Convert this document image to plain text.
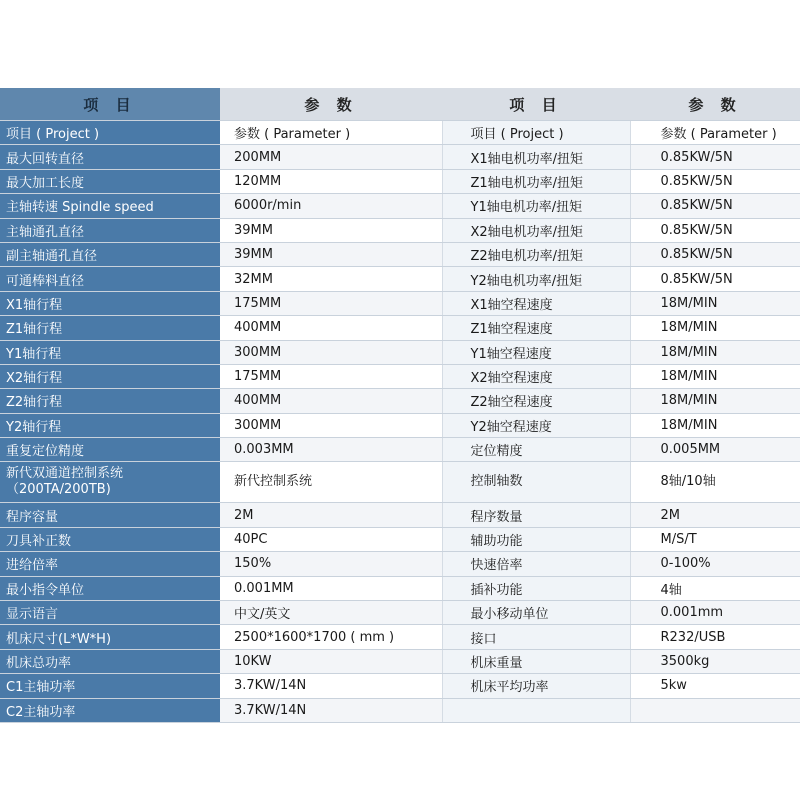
项 目	参 数	项 目	参 数
项目 ( Project )	参数 ( Parameter )	项目 ( Project )	参数 ( Parameter )
最大回转直径	200MM	X1轴电机功率/扭矩	0.85KW/5N
最大加工长度	120MM	Z1轴电机功率/扭矩	0.85KW/5N
主轴转速 Spindle speed	6000r/min	Y1轴电机功率/扭矩	0.85KW/5N
主轴通孔直径	39MM	X2轴电机功率/扭矩	0.85KW/5N
副主轴通孔直径	39MM	Z2轴电机功率/扭矩	0.85KW/5N
可通棒料直径	32MM	Y2轴电机功率/扭矩	0.85KW/5N
X1轴行程	175MM	X1轴空程速度	18M/MIN
Z1轴行程	400MM	Z1轴空程速度	18M/MIN
Y1轴行程	300MM	Y1轴空程速度	18M/MIN
X2轴行程	175MM	X2轴空程速度	18M/MIN
Z2轴行程	400MM	Z2轴空程速度	18M/MIN
Y2轴行程	300MM	Y2轴空程速度	18M/MIN
重复定位精度	0.003MM	定位精度	0.005MM
新代双通道控制系统
（200TA/200TB)	新代控制系统	控制轴数	8轴/10轴
程序容量	2M	程序数量	2M
刀具补正数	40PC	辅助功能	M/S/T
进给倍率	150%	快速倍率	0-100%
最小指令单位	0.001MM	插补功能	4轴
显示语言	中文/英文	最小移动单位	0.001mm
机床尺寸(L*W*H)	2500*1600*1700 ( mm )	接口	R232/USB
机床总功率	10KW	机床重量	3500kg
C1主轴功率	3.7KW/14N	机床平均功率	5kw
C2主轴功率	3.7KW/14N		
